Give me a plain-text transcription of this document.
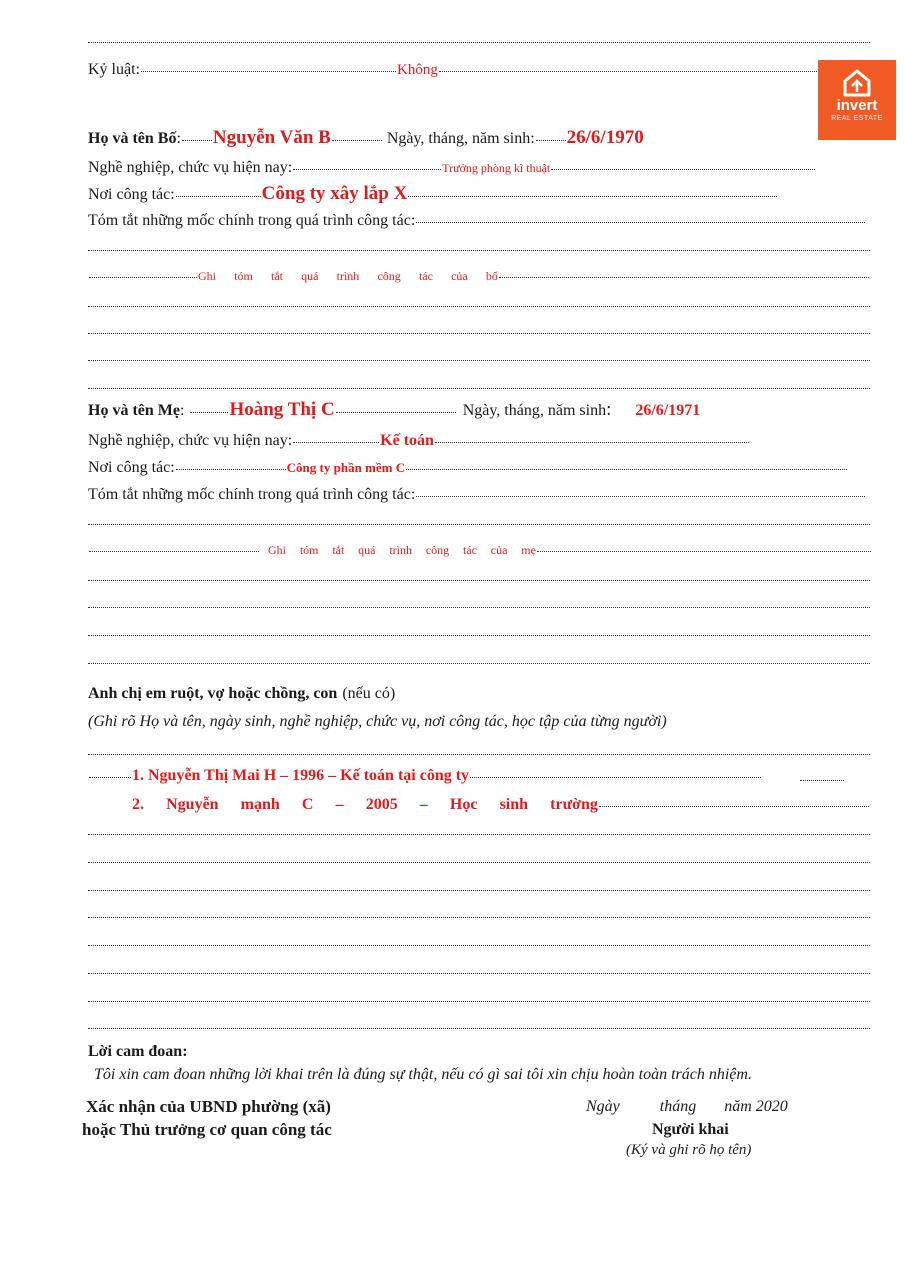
Kỷ luật:	Không
invert
REAL ESTATE
Họ và tên Bố : Nguyễn Văn B	Ngày, tháng, năm sinh: 26/6/1970
Nghề nghiệp, chức vụ hiện nay:	Trưởng phòng kĩ thuật
Nơi công tác:	Công ty xây lắp X
Tóm tắt những mốc chính trong quá trình công tác:
Ghi tóm tắt quá trình công tác của bố
Họ và tên Mẹ : Hoàng Thị C	Ngày, tháng, năm sinh : 26/6/1971
Nghề nghiệp, chức vụ hiện nay:	Kế toán
Nơi công tác:	Công ty phần mềm C
Tóm tắt những mốc chính trong quá trình công tác:
Ghi tóm tắt quá trình công tác của mẹ
Anh chị em ruột, vợ hoặc chồng, con (nếu có)
(Ghi rõ Họ và tên, ngày sinh, nghề nghiệp, chức vụ, nơi công tác, học tập của từng người)
1. Nguyễn Thị Mai H – 1996 – Kế toán tại công ty
2. Nguyễn mạnh C – 2005 – Học sinh trường
Lời cam đoan:
Tôi xin cam đoan những lời khai trên là đúng sự thật, nếu có gì sai tôi xin chịu hoàn toàn trách nhiệm.
Xác nhận của UBND phường (xã)
hoặc Thủ trưởng cơ quan công tác
Ngày	tháng năm 2020
Người khai
(Ký và ghi rõ họ tên)
